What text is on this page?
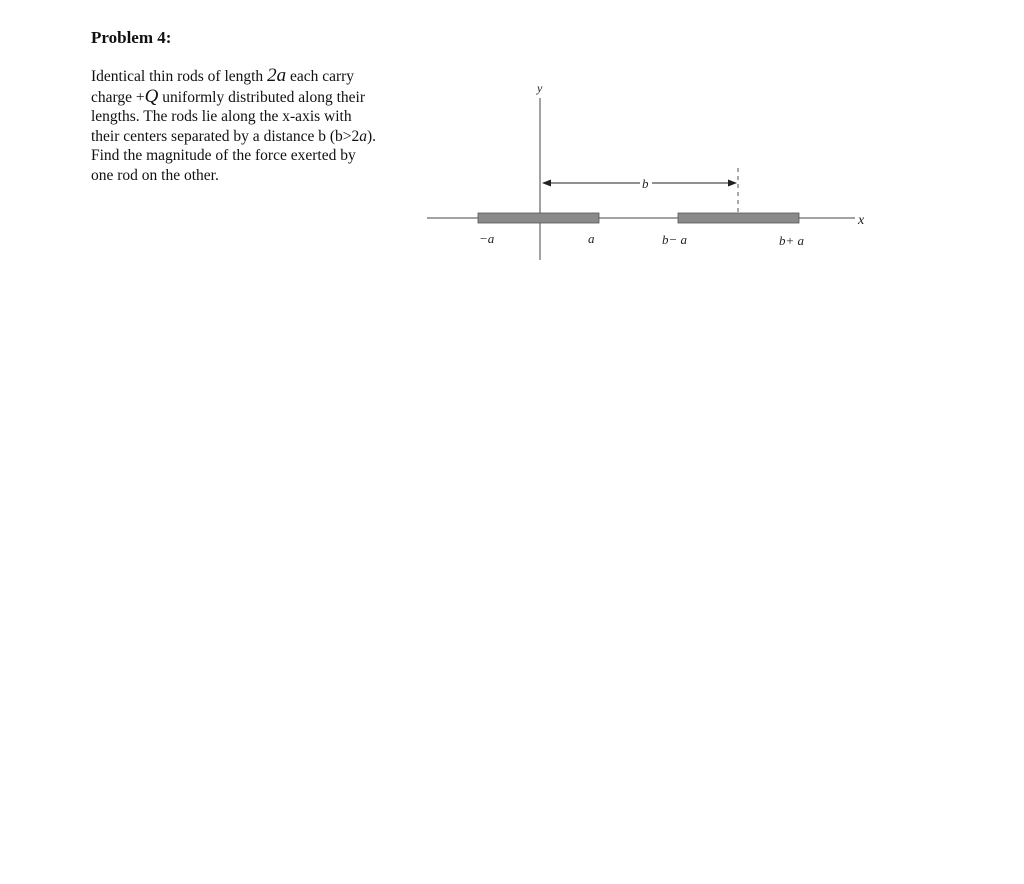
Problem 4:
Identical thin rods of length 2a each carry
charge +Q uniformly distributed along their
lengths. The rods lie along the x-axis with
their centers separated by a distance b (b>2a).
Find the magnitude of the force exerted by
one rod on the other.
y
x
b
−a	a	b− a	b+ a
